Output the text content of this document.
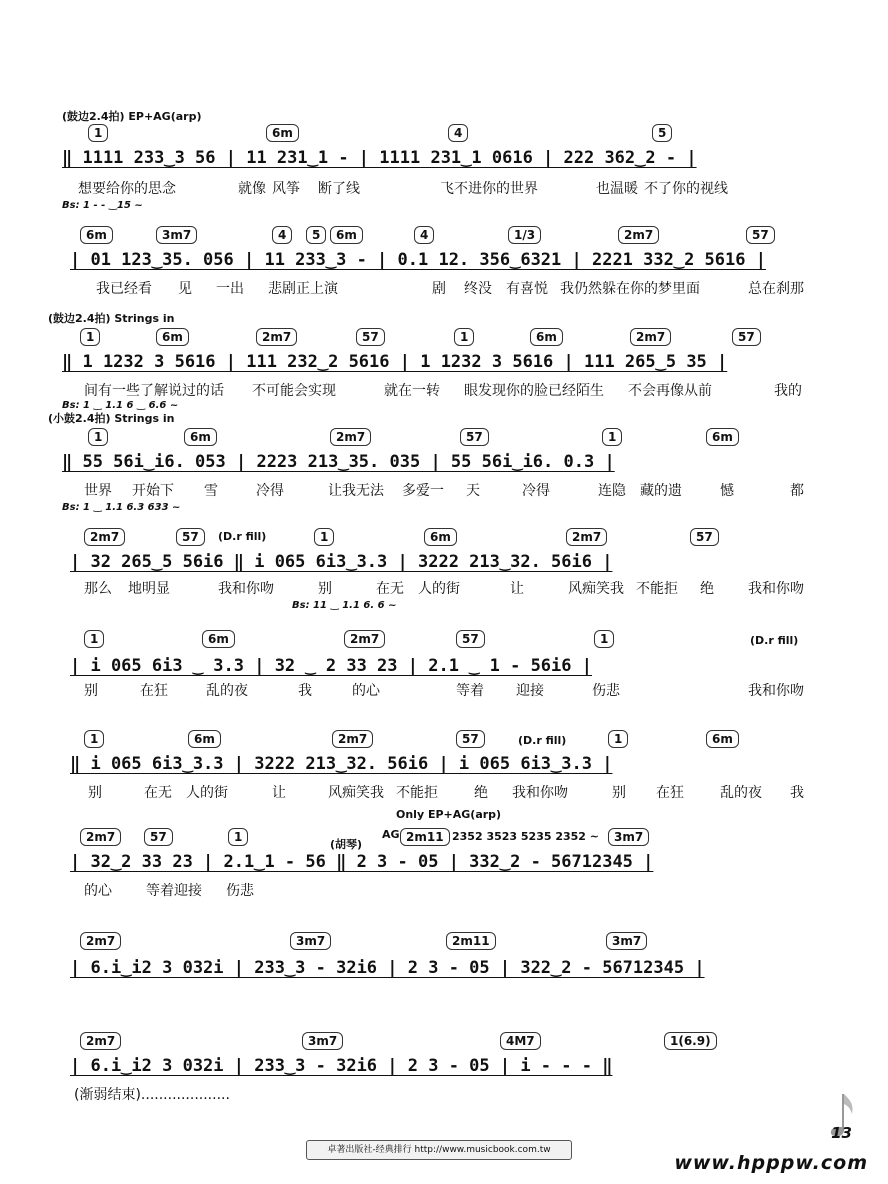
(鼓边2.4拍) EP+AG(arp)
1	6m	4	5
‖ 1111 233‿3 56 | 11 231‿1 - | 1111 231‿1 0616 | 222 362‿2 - |
想要给你的思念	就像 风筝 断了线	飞不进你的世界	也温暖 不了你的视线
Bs: 1 - - ‿15 ~
6m	3m7	4	5	6m	4	1/3	2m7	57
| 01 123‿35. 056 | 11 233‿3 - | 0.1 12. 356‿6321 | 2221 332‿2 5616 |
我已经看 见 一出 悲剧正上演	剧 终没 有喜悦 我仍然躲在你的梦里面	总在刹那
(鼓边2.4拍) Strings in
1	6m	2m7	57	1	6m	2m7	57
‖ 1 1232 3 5616 | 111 232‿2 5616 | 1 1232 3 5616 | 111 265‿5 35 |
间有一些了解说过的话 不可能会实现	就在一转 眼发现你的脸已经陌生 不会再像从前	我的
Bs: 1 ‿ 1.1 6 ‿ 6.6 ~
(小鼓2.4拍) Strings in
1	6m	2m7	57	1	6m
‖ 55 56i‿i6. 053 | 2223 213‿35. 035 | 55 56i‿i6. 0.3 |
世界 开始下 雪	冷得	让我无法 多爱一 天	冷得	连隐 藏的遗	憾	都
Bs: 1 ‿ 1.1 6.3 633 ~
2m7	57	(D.r fill)	1	6m	2m7	57
| 32 265‿5 56i6 ‖ i 065 6i3‿3.3 | 3222 213‿32. 56i6 |
那么 地明显	我和你吻	别	在无 人的街	让	风痴笑我 不能拒 绝 我和你吻
Bs: 11 ‿ 1.1 6. 6 ~
1	6m	2m7	57	1	(D.r fill)
| i 065 6i3 ‿ 3.3 | 32 ‿ 2 33 23 | 2.1 ‿ 1 - 56i6 |
别	在狂	乱的夜	我	的心	等着 迎接	伤悲	我和你吻
1	6m	2m7	57	(D.r fill)	1	6m
‖ i 065 6i3‿3.3 | 3222 213‿32. 56i6 | i 065 6i3‿3.3 |
别	在无 人的街	让	风痴笑我 不能拒	绝 我和你吻	别 在狂	乱的夜 我
Only EP+AG(arp)
2m7	57	1
(胡琴)
AG 2m11 2352 3523 5235 2352 ~	3m7
| 32‿2 33 23 | 2.1‿1 - 56 ‖ 2 3 - 05 | 332‿2 - 56712345 |
的心 等着迎接 伤悲
2m7	3m7	2m11	3m7
| 6.i‿i2 3 032i | 233‿3 - 32i6 | 2 3 - 05 | 322‿2 - 56712345 |
2m7	3m7	4M7	1(6.9)
| 6.i‿i2 3 032i | 233‿3 - 32i6 | 2 3 - 05 | i - - - ‖
(渐弱结束)....................
13
卓著出版社-经典排行 http://www.musicbook.com.tw
www.hpppw.com
